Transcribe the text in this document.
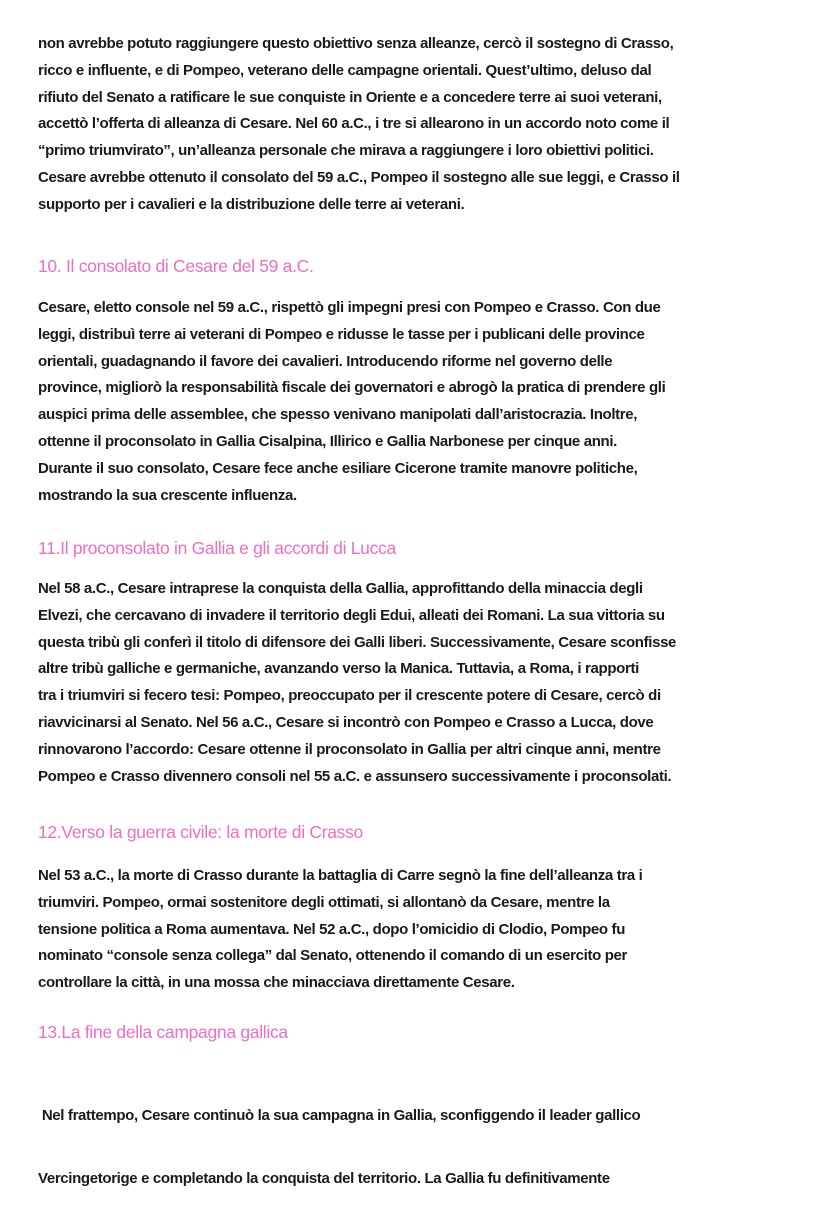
non avrebbe potuto raggiungere questo obiettivo senza alleanze, cercò il sostegno di Crasso,
ricco e influente, e di Pompeo, veterano delle campagne orientali. Quest’ultimo, deluso dal
rifiuto del Senato a ratificare le sue conquiste in Oriente e a concedere terre ai suoi veterani,
accettò l’offerta di alleanza di Cesare. Nel 60 a.C., i tre si allearono in un accordo noto come il
“primo triumvirato”, un’alleanza personale che mirava a raggiungere i loro obiettivi politici.
Cesare avrebbe ottenuto il consolato del 59 a.C., Pompeo il sostegno alle sue leggi, e Crasso il
supporto per i cavalieri e la distribuzione delle terre ai veterani.
10. Il consolato di Cesare del 59 a.C.
Cesare, eletto console nel 59 a.C., rispettò gli impegni presi con Pompeo e Crasso. Con due
leggi, distribuì terre ai veterani di Pompeo e ridusse le tasse per i publicani delle province
orientali, guadagnando il favore dei cavalieri. Introducendo riforme nel governo delle
province, migliorò la responsabilità fiscale dei governatori e abrogò la pratica di prendere gli
auspici prima delle assemblee, che spesso venivano manipolati dall’aristocrazia. Inoltre,
ottenne il proconsolato in Gallia Cisalpina, Illirico e Gallia Narbonese per cinque anni.
Durante il suo consolato, Cesare fece anche esiliare Cicerone tramite manovre politiche,
mostrando la sua crescente influenza.
11.Il proconsolato in Gallia e gli accordi di Lucca
Nel 58 a.C., Cesare intraprese la conquista della Gallia, approfittando della minaccia degli
Elvezi, che cercavano di invadere il territorio degli Edui, alleati dei Romani. La sua vittoria su
questa tribù gli conferì il titolo di difensore dei Galli liberi. Successivamente, Cesare sconfisse
altre tribù galliche e germaniche, avanzando verso la Manica. Tuttavia, a Roma, i rapporti
tra i triumviri si fecero tesi: Pompeo, preoccupato per il crescente potere di Cesare, cercò di
riavvicinarsi al Senato. Nel 56 a.C., Cesare si incontrò con Pompeo e Crasso a Lucca, dove
rinnovarono l’accordo: Cesare ottenne il proconsolato in Gallia per altri cinque anni, mentre
Pompeo e Crasso divennero consoli nel 55 a.C. e assunsero successivamente i proconsolati.
12.Verso la guerra civile: la morte di Crasso
Nel 53 a.C., la morte di Crasso durante la battaglia di Carre segnò la fine dell’alleanza tra i
triumviri. Pompeo, ormai sostenitore degli ottimati, si allontanò da Cesare, mentre la
tensione politica a Roma aumentava. Nel 52 a.C., dopo l’omicidio di Clodio, Pompeo fu
nominato “console senza collega” dal Senato, ottenendo il comando di un esercito per
controllare la città, in una mossa che minacciava direttamente Cesare.
13.La fine della campagna gallica

Nel frattempo, Cesare continuò la sua campagna in Gallia, sconfiggendo il leader gallico

Vercingetorige e completando la conquista del territorio. La Gallia fu definitivamente
